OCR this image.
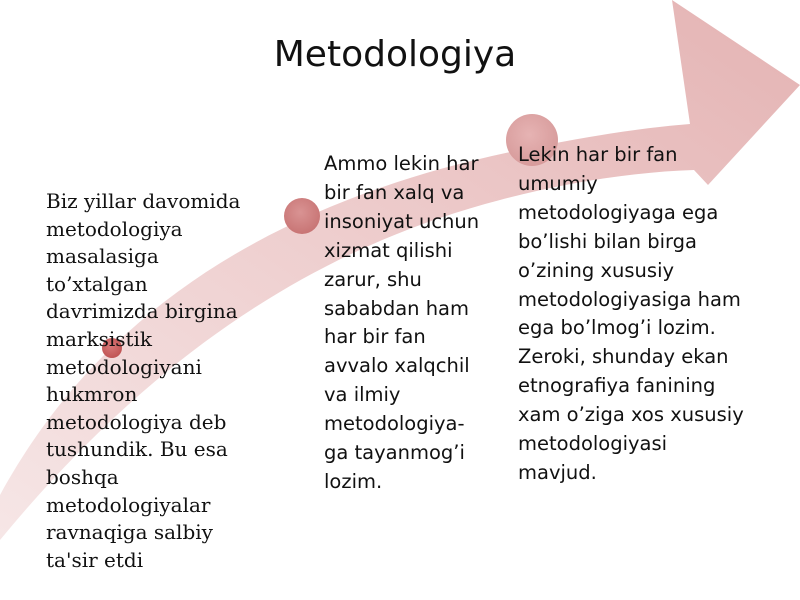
Metodologiya
Biz yillar davomida
metodologiya
masalasiga
to’xtalgan
davrimizda birgina
marksistik
metodologiyani
hukmron
metodologiya deb
tushundik. Bu esa
boshqa
metodologiyalar
ravnaqiga salbiy
ta'sir etdi
Ammo lekin har
bir fan xalq va
insoniyat uchun
xizmat qilishi
zarur, shu
sababdan ham
har bir fan
avvalo xalqchil
va ilmiy
metodologiya-
ga tayanmog’i
lozim.
Lekin har bir fan
umumiy
metodologiyaga ega
bo’lishi bilan birga
o’zining xususiy
metodologiyasiga ham
ega bo’lmog’i lozim.
Zeroki, shunday ekan
etnografiya fanining
xam o’ziga xos xususiy
metodologiyasi
mavjud.
